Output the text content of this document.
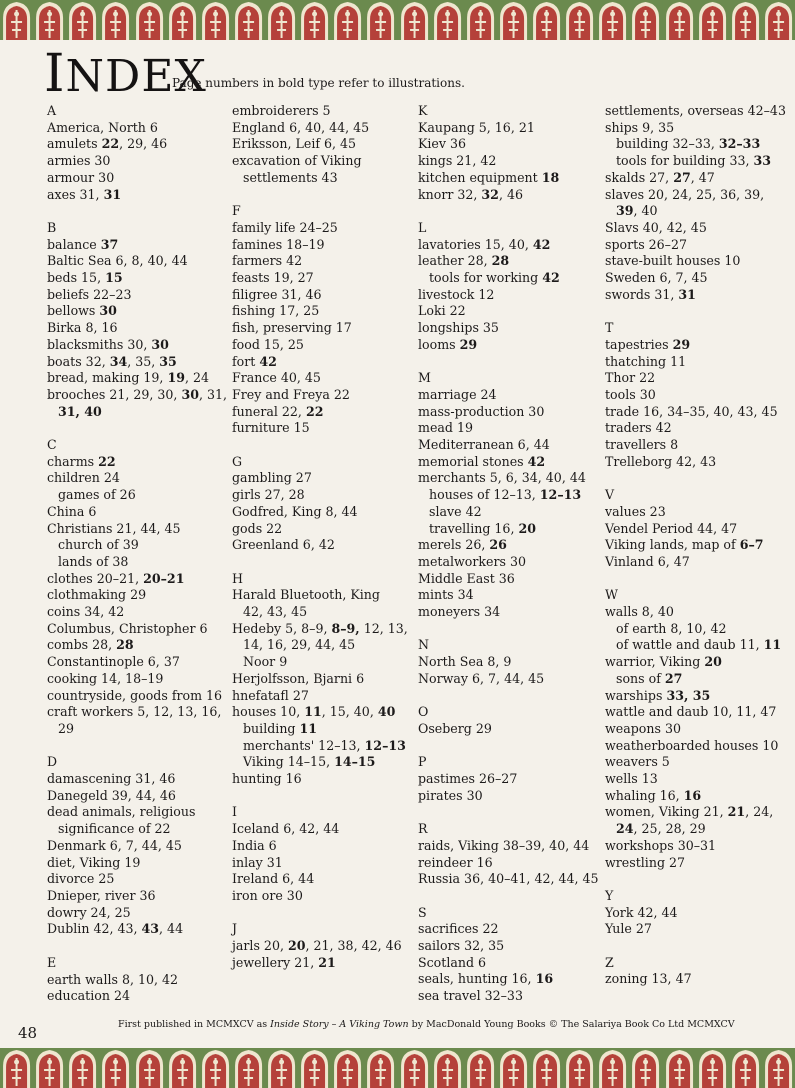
INDEX
Page numbers in bold type refer to illustrations.
A
America, North 6
amulets 22, 29, 46
armies 30
armour 30
axes 31, 31
B
balance 37
Baltic Sea 6, 8, 40, 44
beds 15, 15
beliefs 22–23
bellows 30
Birka 8, 16
blacksmiths 30, 30
boats 32, 34, 35, 35
bread, making 19, 19, 24
brooches 21, 29, 30, 30, 31,
31, 40
C
charms 22
children 24
games of 26
China 6
Christians 21, 44, 45
church of 39
lands of 38
clothes 20–21, 20–21
clothmaking 29
coins 34, 42
Columbus, Christopher 6
combs 28, 28
Constantinople 6, 37
cooking 14, 18–19
countryside, goods from 16
craft workers 5, 12, 13, 16,
29
D
damascening 31, 46
Danegeld 39, 44, 46
dead animals, religious
significance of 22
Denmark 6, 7, 44, 45
diet, Viking 19
divorce 25
Dnieper, river 36
dowry 24, 25
Dublin 42, 43, 43, 44
E
earth walls 8, 10, 42
education 24
embroiderers 5
England 6, 40, 44, 45
Eriksson, Leif 6, 45
excavation of Viking
settlements 43
F
family life 24–25
famines 18–19
farmers 42
feasts 19, 27
filigree 31, 46
fishing 17, 25
fish, preserving 17
food 15, 25
fort 42
France 40, 45
Frey and Freya 22
funeral 22, 22
furniture 15
G
gambling 27
girls 27, 28
Godfred, King 8, 44
gods 22
Greenland 6, 42
H
Harald Bluetooth, King
42, 43, 45
Hedeby 5, 8–9, 8–9, 12, 13,
14, 16, 29, 44, 45
Noor 9
Herjolfsson, Bjarni 6
hnefatafl 27
houses 10, 11, 15, 40, 40
building 11
merchants' 12–13, 12–13
Viking 14–15, 14–15
hunting 16
I
Iceland 6, 42, 44
India 6
inlay 31
Ireland 6, 44
iron ore 30
J
jarls 20, 20, 21, 38, 42, 46
jewellery 21, 21
K
Kaupang 5, 16, 21
Kiev 36
kings 21, 42
kitchen equipment 18
knorr 32, 32, 46
L
lavatories 15, 40, 42
leather 28, 28
tools for working 42
livestock 12
Loki 22
longships 35
looms 29
M
marriage 24
mass-production 30
mead 19
Mediterranean 6, 44
memorial stones 42
merchants 5, 6, 34, 40, 44
houses of 12–13, 12–13
slave 42
travelling 16, 20
merels 26, 26
metalworkers 30
Middle East 36
mints 34
moneyers 34
N
North Sea 8, 9
Norway 6, 7, 44, 45
O
Oseberg 29
P
pastimes 26–27
pirates 30
R
raids, Viking 38–39, 40, 44
reindeer 16
Russia 36, 40–41, 42, 44, 45
S
sacrifices 22
sailors 32, 35
Scotland 6
seals, hunting 16, 16
sea travel 32–33
settlements, overseas 42–43
ships 9, 35
building 32–33, 32–33
tools for building 33, 33
skalds 27, 27, 47
slaves 20, 24, 25, 36, 39,
39, 40
Slavs 40, 42, 45
sports 26–27
stave-built houses 10
Sweden 6, 7, 45
swords 31, 31
T
tapestries 29
thatching 11
Thor 22
tools 30
trade 16, 34–35, 40, 43, 45
traders 42
travellers 8
Trelleborg 42, 43
V
values 23
Vendel Period 44, 47
Viking lands, map of 6–7
Vinland 6, 47
W
walls 8, 40
of earth 8, 10, 42
of wattle and daub 11, 11
warrior, Viking 20
sons of 27
warships 33, 35
wattle and daub 10, 11, 47
weapons 30
weatherboarded houses 10
weavers 5
wells 13
whaling 16, 16
women, Viking 21, 21, 24,
24, 25, 28, 29
workshops 30–31
wrestling 27
Y
York 42, 44
Yule 27
Z
zoning 13, 47
48	First published in MCMXCV as Inside Story – A Viking Town by MacDonald Young Books © The Salariya Book Co Ltd MCMXCV
